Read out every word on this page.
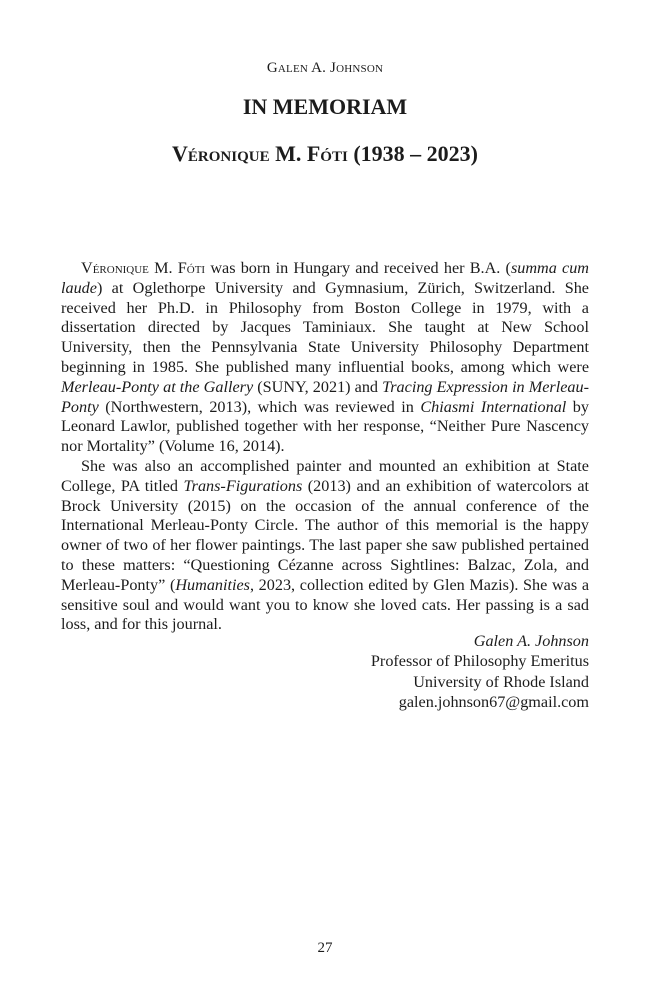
Galen A. Johnson
IN MEMORIAM
Véronique M. Fóti (1938 – 2023)

Véronique M. Fóti was born in Hungary and received her B.A. (summa cum laude) at Oglethorpe University and Gymnasium, Zürich, Switzerland. She received her Ph.D. in Philosophy from Boston College in 1979, with a dissertation directed by Jacques Taminiaux. She taught at New School University, then the Pennsylvania State University Philosophy Department beginning in 1985. She published many influential books, among which were Merleau-Ponty at the Gallery (SUNY, 2021) and Tracing Expression in Merleau-Ponty (Northwestern, 2013), which was reviewed in Chiasmi International by Leonard Lawlor, published together with her response, “Neither Pure Nascency nor Mortality” (Volume 16, 2014).

She was also an accomplished painter and mounted an exhibition at State College, PA titled Trans-Figurations (2013) and an exhibition of watercolors at Brock University (2015) on the occasion of the annual conference of the International Merleau-Ponty Circle. The author of this memorial is the happy owner of two of her flower paintings. The last paper she saw published pertained to these matters: “Questioning Cézanne across Sightlines: Balzac, Zola, and Merleau-Ponty” (Humanities, 2023, collection edited by Glen Mazis). She was a sensitive soul and would want you to know she loved cats. Her passing is a sad loss, and for this journal.

Galen A. Johnson
Professor of Philosophy Emeritus
University of Rhode Island
galen.johnson67@gmail.com
27
